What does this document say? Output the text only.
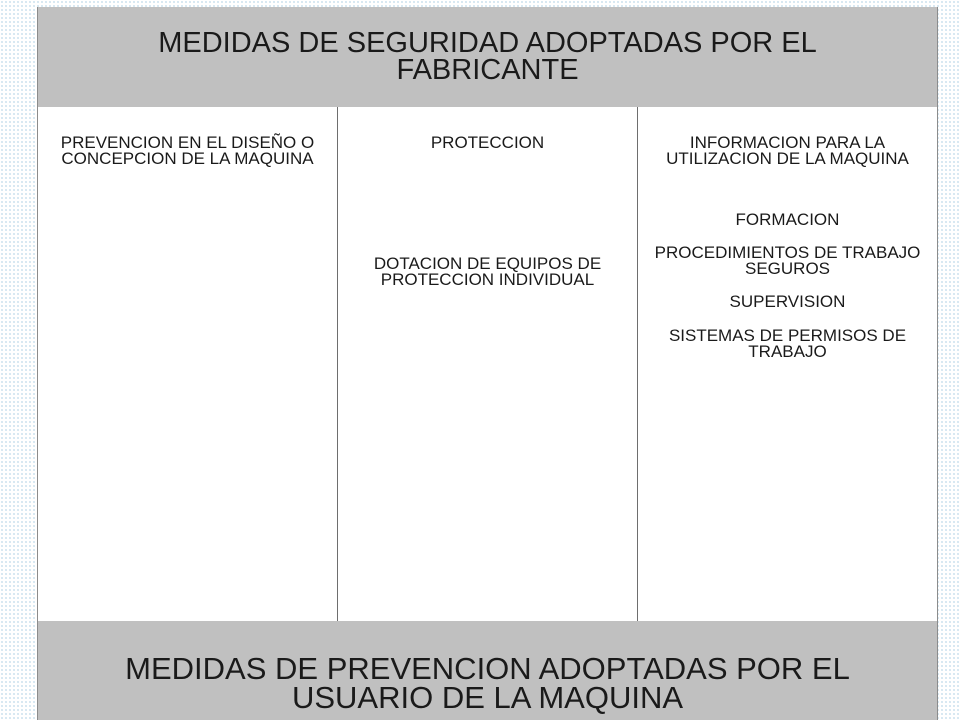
MEDIDAS DE SEGURIDAD ADOPTADAS POR EL FABRICANTE
PREVENCION EN EL DISEÑO O CONCEPCION DE LA MAQUINA
PROTECCION
DOTACION DE EQUIPOS DE PROTECCION INDIVIDUAL
INFORMACION PARA LA UTILIZACION DE LA MAQUINA
FORMACION
PROCEDIMIENTOS DE TRABAJO SEGUROS
SUPERVISION
SISTEMAS DE PERMISOS DE TRABAJO
MEDIDAS DE PREVENCION ADOPTADAS POR EL USUARIO DE LA MAQUINA
